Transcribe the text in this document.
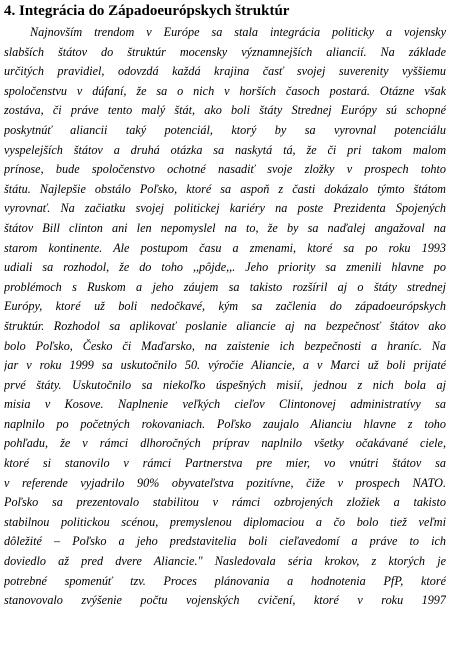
4. Integrácia do Západoeurópskych štruktúr
Najnovším trendom v Európe sa stala integrácia politicky a vojensky
slabších štátov do štruktúr mocensky významnejších aliancií. Na základe
určitých pravidiel, odovzdá každá krajina časť svojej suverenity vyššiemu
spoločenstvu v dúfaní, že sa o nich v horších časoch postará. Otázne však
zostáva, či práve tento malý štát, ako boli štáty Strednej Európy sú schopné
poskytnúť aliancii taký potenciál, ktorý by sa vyrovnal potenciálu
vyspelejších štátov a druhá otázka sa naskytá tá, že či pri takom malom
prínose, bude spoločenstvo ochotné nasadiť svoje zložky v prospech tohto
štátu. Najlepšie obstálo Poľsko, ktoré sa aspoň z časti dokázalo týmto štátom
vyrovnať. Na začiatku svojej politickej kariéry na poste Prezidenta Spojených
štátov Bill clinton ani len nepomyslel na to, že by sa naďalej angažoval na
starom kontinente. Ale postupom času a zmenami, ktoré sa po roku 1993
udiali sa rozhodol, že do toho ,,pôjde,,. Jeho priority sa zmenili hlavne po
problémoch s Ruskom a jeho záujem sa takisto rozšíril aj o štáty strednej
Európy, ktoré už boli nedočkavé, kým sa začlenia do západoeurópskych
štruktúr. Rozhodol sa aplikovať poslanie aliancie aj na bezpečnosť štátov ako
bolo Poľsko, Česko či Maďarsko, na zaistenie ich bezpečnosti a hraníc. Na
jar v roku 1999 sa uskutočnilo 50. výročie Aliancie, a v Marci už boli prijaté
prvé štáty. Uskutočnilo sa niekoľko úspešných misií, jednou z nich bola aj
misia v Kosove. Naplnenie veľkých cieľov Clintonovej administratívy sa
naplnilo po početných rokovaniach. Poľsko zaujalo Alianciu hlavne z toho
pohľadu, že v rámci dlhoročných príprav naplnilo všetky očakávané ciele,
ktoré si stanovilo v rámci Partnerstva pre mier, vo vnútri štátov sa
v referende vyjadrilo 90% obyvateľstva pozitívne, čiže v prospech NATO.
Poľsko sa prezentovalo stabilitou v rámci ozbrojených zložiek a takisto
stabilnou politickou scénou, premyslenou diplomaciou a čo bolo tiež veľmi
dôležité – Poľsko a jeho predstavitelia boli cieľavedomí a práve to ich
doviedlo až pred dvere Aliancie." Nasledovala séria krokov, z ktorých je
potrebné spomenúť tzv. Proces plánovania a hodnotenia PfP, ktoré
stanovovalo zvýšenie počtu vojenských cvičení, ktoré v roku 1997
